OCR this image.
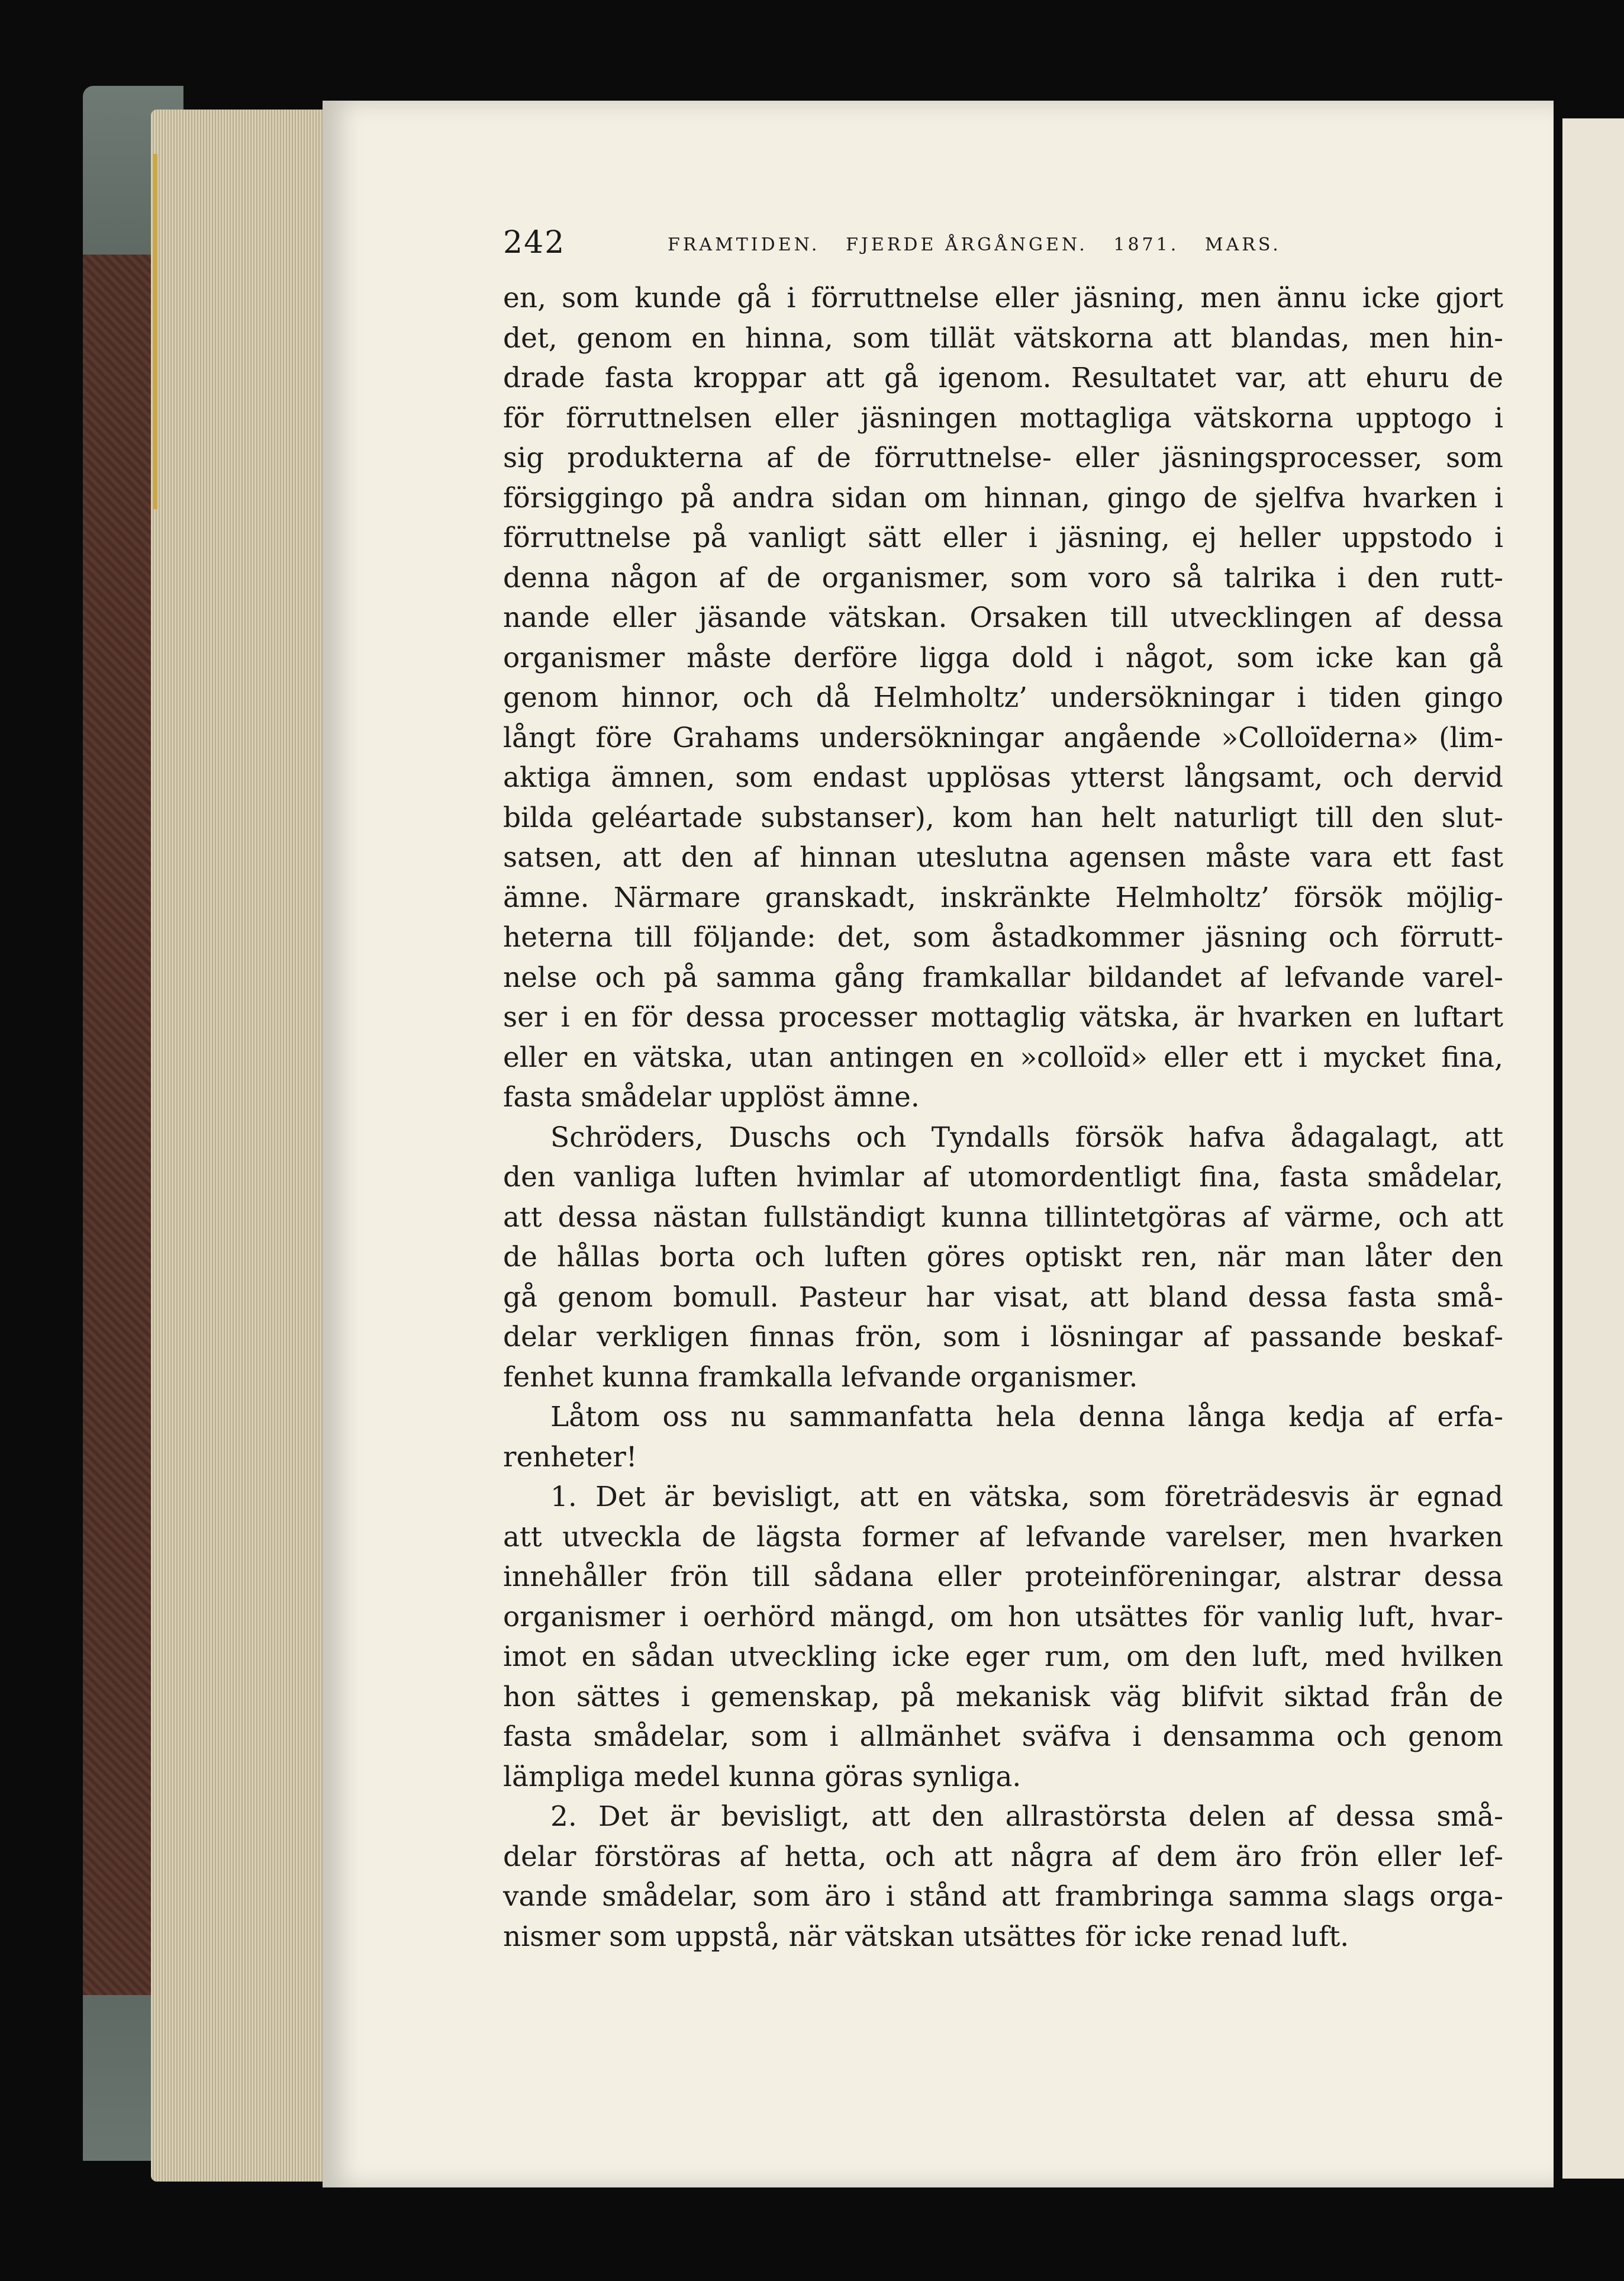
242	FRAMTIDEN.   FJERDE ÅRGÅNGEN.   1871.   MARS.
en, som kunde gå i förruttnelse eller jäsning, men ännu icke gjort
det, genom en hinna, som tillät vätskorna att blandas, men hin-
drade fasta kroppar att gå igenom. Resultatet var, att ehuru de
för förruttnelsen eller jäsningen mottagliga vätskorna upptogo i
sig produkterna af de förruttnelse- eller jäsningsprocesser, som
försiggingo på andra sidan om hinnan, gingo de sjelfva hvarken i
förruttnelse på vanligt sätt eller i jäsning, ej heller uppstodo i
denna någon af de organismer, som voro så talrika i den rutt-
nande eller jäsande vätskan. Orsaken till utvecklingen af dessa
organismer måste derföre ligga dold i något, som icke kan gå
genom hinnor, och då Helmholtz’ undersökningar i tiden gingo
långt före Grahams undersökningar angående »Colloïderna» (lim-
aktiga ämnen, som endast upplösas ytterst långsamt, och dervid
bilda geléartade substanser), kom han helt naturligt till den slut-
satsen, att den af hinnan uteslutna agensen måste vara ett fast
ämne. Närmare granskadt, inskränkte Helmholtz’ försök möjlig-
heterna till följande: det, som åstadkommer jäsning och förrutt-
nelse och på samma gång framkallar bildandet af lefvande varel-
ser i en för dessa processer mottaglig vätska, är hvarken en luftart
eller en vätska, utan antingen en »colloïd» eller ett i mycket fina,
fasta smådelar upplöst ämne.
Schröders, Duschs och Tyndalls försök hafva ådagalagt, att
den vanliga luften hvimlar af utomordentligt fina, fasta smådelar,
att dessa nästan fullständigt kunna tillintetgöras af värme, och att
de hållas borta och luften göres optiskt ren, när man låter den
gå genom bomull. Pasteur har visat, att bland dessa fasta små-
delar verkligen finnas frön, som i lösningar af passande beskaf-
fenhet kunna framkalla lefvande organismer.
Låtom oss nu sammanfatta hela denna långa kedja af erfa-
renheter!
1. Det är bevisligt, att en vätska, som företrädesvis är egnad
att utveckla de lägsta former af lefvande varelser, men hvarken
innehåller frön till sådana eller proteinföreningar, alstrar dessa
organismer i oerhörd mängd, om hon utsättes för vanlig luft, hvar-
imot en sådan utveckling icke eger rum, om den luft, med hvilken
hon sättes i gemenskap, på mekanisk väg blifvit siktad från de
fasta smådelar, som i allmänhet sväfva i densamma och genom
lämpliga medel kunna göras synliga.
2. Det är bevisligt, att den allrastörsta delen af dessa små-
delar förstöras af hetta, och att några af dem äro frön eller lef-
vande smådelar, som äro i stånd att frambringa samma slags orga-
nismer som uppstå, när vätskan utsättes för icke renad luft.
